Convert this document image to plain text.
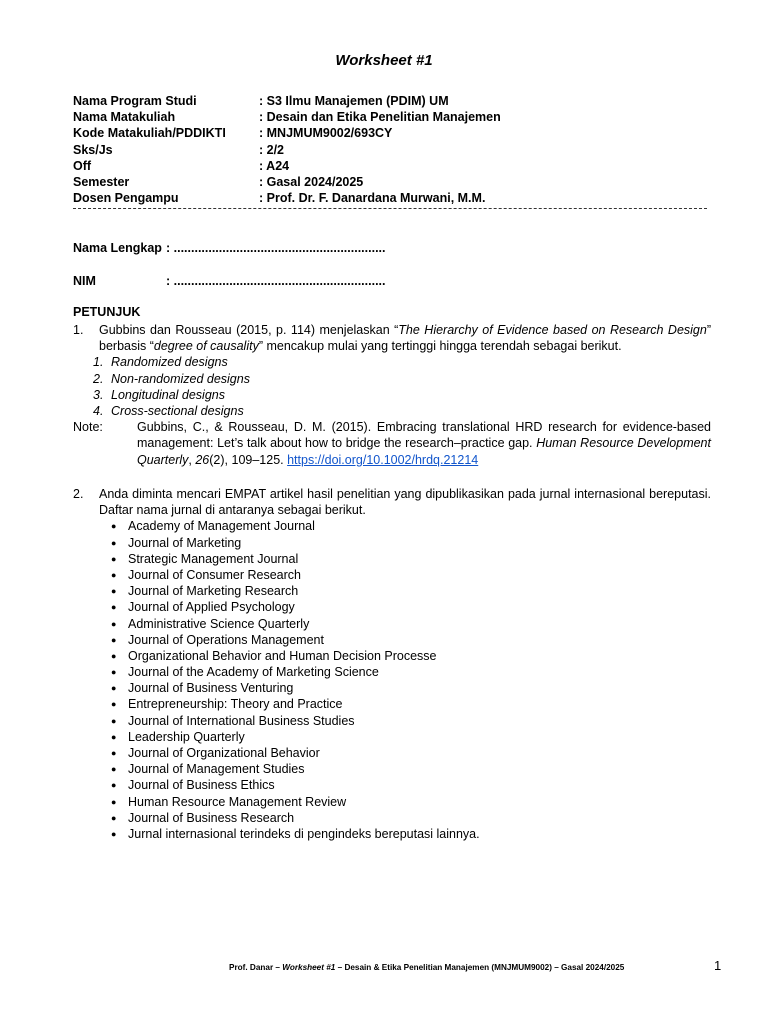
Worksheet #1
Nama Program Studi	: S3 Ilmu Manajemen (PDIM) UM
Nama Matakuliah	: Desain dan Etika Penelitian Manajemen
Kode Matakuliah/PDDIKTI	: MNJMUM9002/693CY
Sks/Js	: 2/2
Off	: A24
Semester	: Gasal 2024/2025
Dosen Pengampu	: Prof. Dr. F. Danardana Murwani, M.M.
Nama Lengkap : .............................................................
NIM	: .............................................................
PETUNJUK
1. Gubbins dan Rousseau (2015, p. 114) menjelaskan “The Hierarchy of Evidence based on Research Design” berbasis “degree of causality” mencakup mulai yang tertinggi hingga terendah sebagai berikut.
1. Randomized designs
2. Non-randomized designs
3. Longitudinal designs
4. Cross-sectional designs
Note:	Gubbins, C., & Rousseau, D. M. (2015). Embracing translational HRD research for evidence-based management: Let’s talk about how to bridge the research–practice gap. Human Resource Development Quarterly, 26(2), 109–125. https://doi.org/10.1002/hrdq.21214
2. Anda diminta mencari EMPAT artikel hasil penelitian yang dipublikasikan pada jurnal internasional bereputasi. Daftar nama jurnal di antaranya sebagai berikut.
● Academy of Management Journal
● Journal of Marketing
● Strategic Management Journal
● Journal of Consumer Research
● Journal of Marketing Research
● Journal of Applied Psychology
● Administrative Science Quarterly
● Journal of Operations Management
● Organizational Behavior and Human Decision Processe
● Journal of the Academy of Marketing Science
● Journal of Business Venturing
● Entrepreneurship: Theory and Practice
● Journal of International Business Studies
● Leadership Quarterly
● Journal of Organizational Behavior
● Journal of Management Studies
● Journal of Business Ethics
● Human Resource Management Review
● Journal of Business Research
● Jurnal internasional terindeks di pengindeks bereputasi lainnya.
Prof. Danar – Worksheet #1 – Desain & Etika Penelitian Manajemen (MNJMUM9002) – Gasal 2024/2025	1
